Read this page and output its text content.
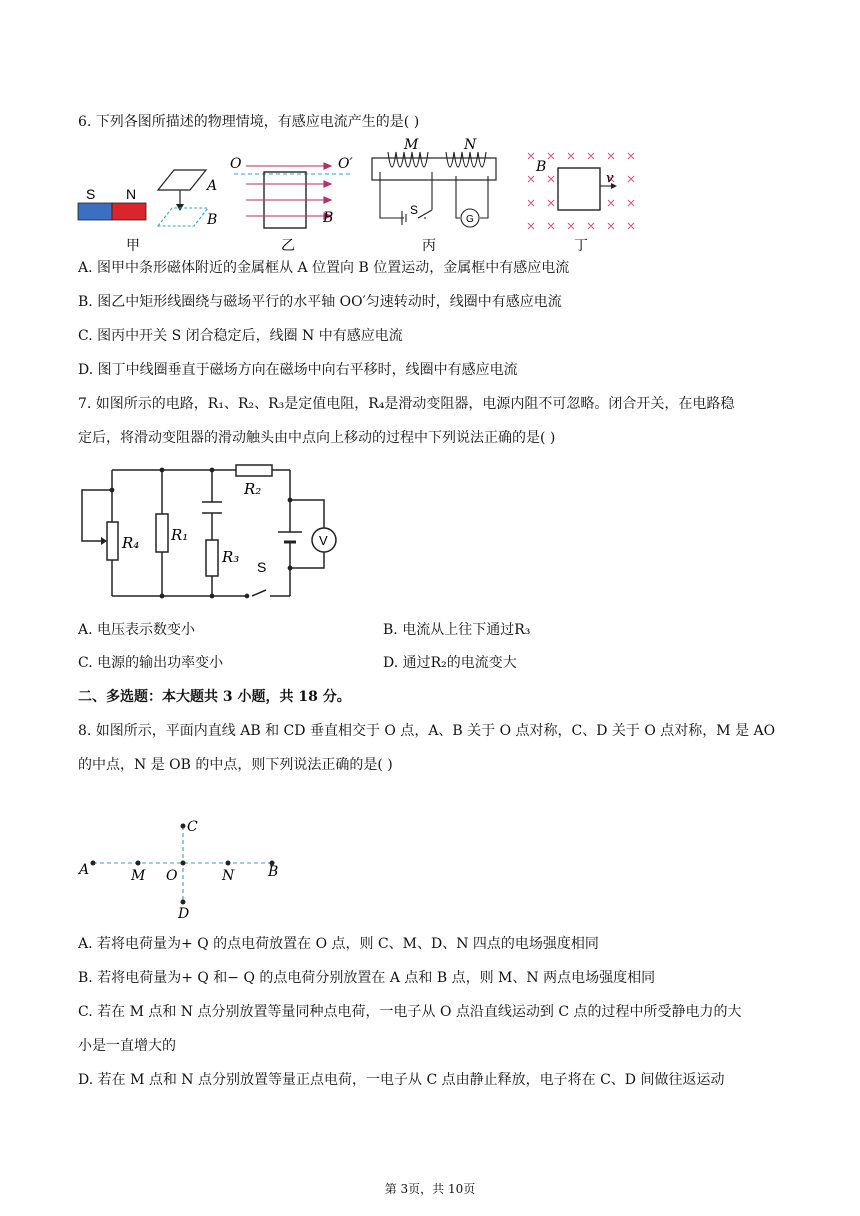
6. 下列各图所描述的物理情境，有感应电流产生的是( )
S N	A
B
甲
O	O′
B
乙
M	N
S
G
丙
v
B
丁
A. 图甲中条形磁体附近的金属框从 A 位置向 B 位置运动，金属框中有感应电流
B. 图乙中矩形线圈绕与磁场平行的水平轴 OO′匀速转动时，线圈中有感应电流
C. 图丙中开关 S 闭合稳定后，线圈 N 中有感应电流
D. 图丁中线圈垂直于磁场方向在磁场中向右平移时，线圈中有感应电流
7. 如图所示的电路，R₁、R₂、R₃是定值电阻，R₄是滑动变阻器，电源内阻不可忽略。闭合开关，在电路稳
定后，将滑动变阻器的滑动触头由中点向上移动的过程中下列说法正确的是( )
R₄ R₁
R₃
R₂
S
V
A. 电压表示数变小	B. 电流从上往下通过R₃
C. 电源的输出功率变小	D. 通过R₂的电流变大
二、多选题：本大题共 3 小题，共 18 分。
8. 如图所示，平面内直线 AB 和 CD 垂直相交于 O 点，A、B 关于 O 点对称，C、D 关于 O 点对称，M 是 AO
的中点，N 是 OB 的中点，则下列说法正确的是( )
A	M O	N B
C
D
A. 若将电荷量为+ Q 的点电荷放置在 O 点，则 C、M、D、N 四点的电场强度相同
B. 若将电荷量为+ Q 和− Q 的点电荷分别放置在 A 点和 B 点，则 M、N 两点电场强度相同
C. 若在 M 点和 N 点分别放置等量同种点电荷，一电子从 O 点沿直线运动到 C 点的过程中所受静电力的大
小是一直增大的
D. 若在 M 点和 N 点分别放置等量正点电荷，一电子从 C 点由静止释放，电子将在 C、D 间做往返运动
第 3页，共 10页
